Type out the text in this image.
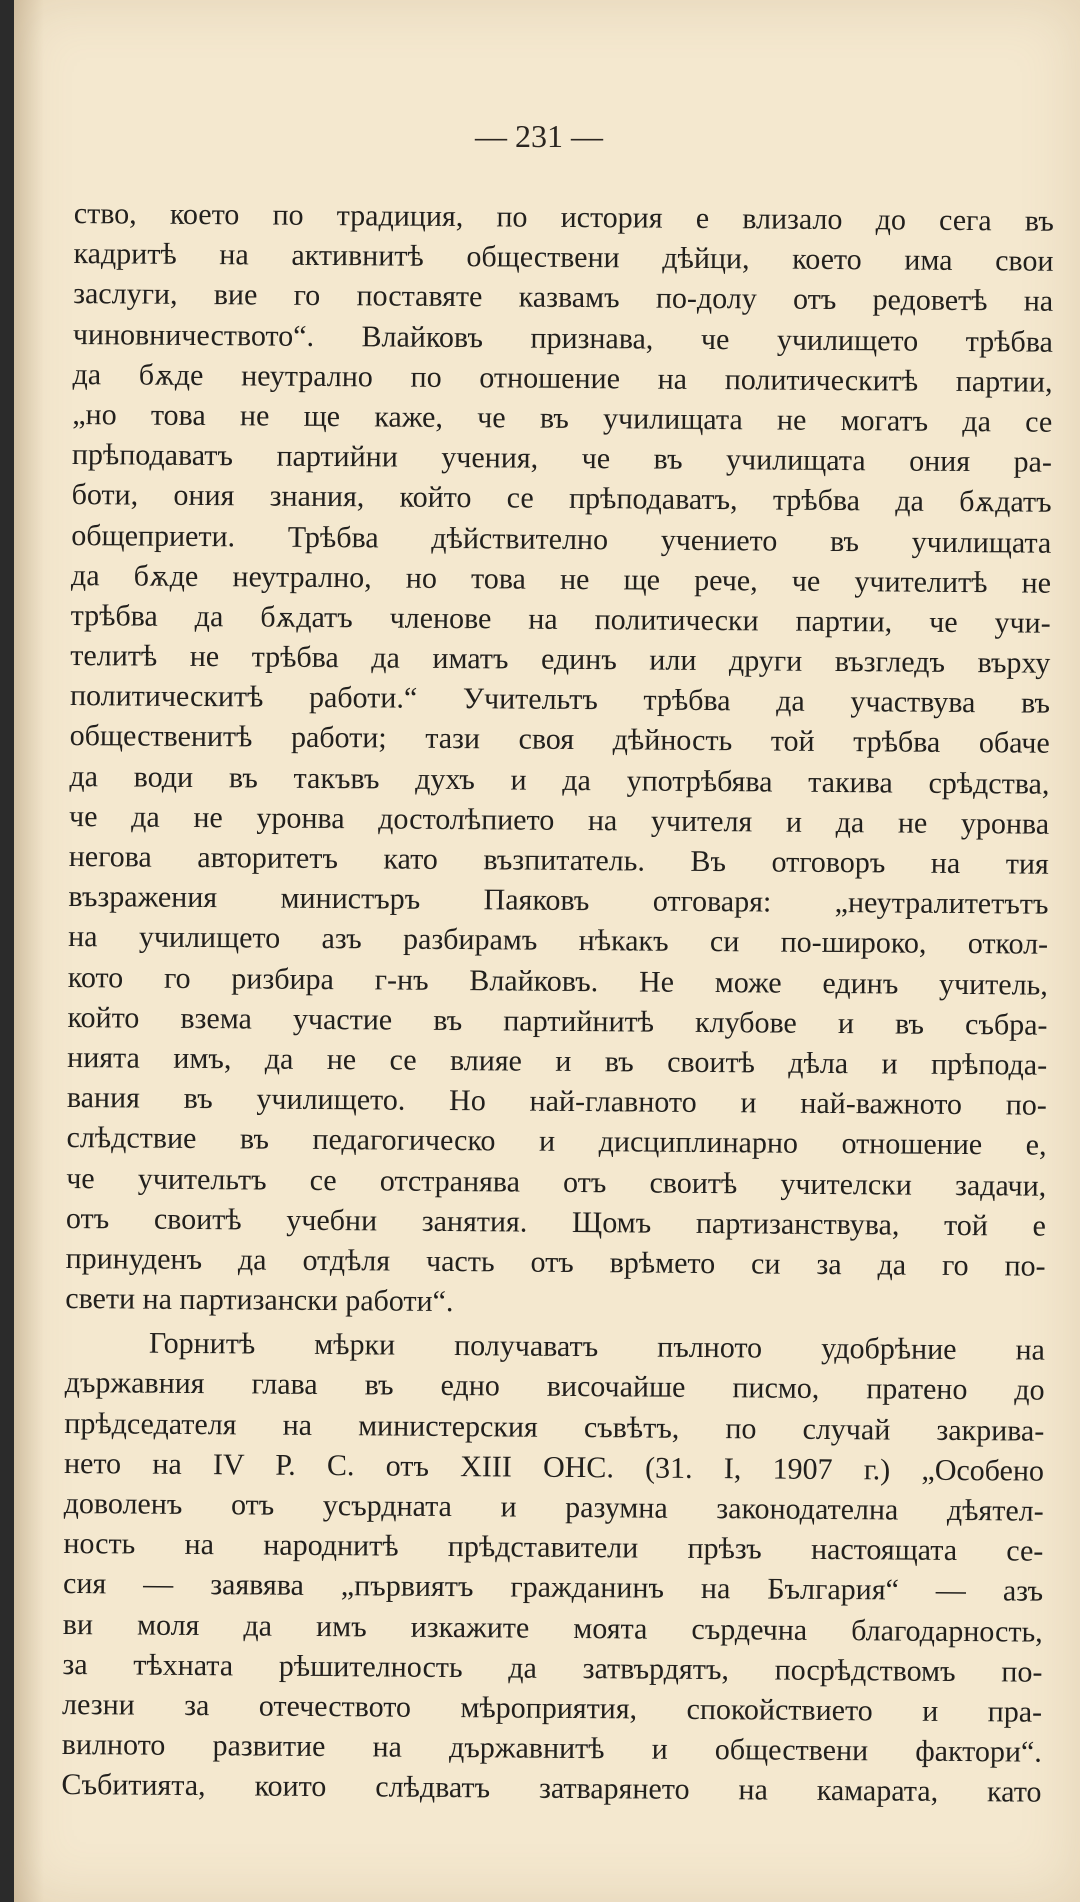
— 231 —
ство, което по традиция, по история е влизало до сега въ
кадритѣ на активнитѣ обществени дѣйци, което има свои
заслуги, вие го поставяте казвамъ по-долу отъ редоветѣ на
чиновничеството“. Влайковъ признава, че училището трѣбва
да бѫде неутрално по отношение на политическитѣ партии,
„но това не ще каже, че въ училищата не могатъ да се
прѣподаватъ партийни учения, че въ училищата ония ра-
боти, ония знания, който се прѣподаватъ, трѣбва да бѫдатъ
общеприети. Трѣбва дѣйствително учението въ училищата
да бѫде неутрално, но това не ще рече, че учителитѣ не
трѣбва да бѫдатъ членове на политически партии, че учи-
телитѣ не трѣбва да иматъ единъ или други възгледъ върху
политическитѣ работи.“ Учительтъ трѣбва да участвува въ
общественитѣ работи; тази своя дѣйность той трѣбва обаче
да води въ такъвъ духъ и да употрѣбява такива срѣдства,
че да не уронва достолѣпието на учителя и да не уронва
негова авторитетъ като възпитатель. Въ отговоръ на тия
възражения министъръ Паяковъ отговаря: „неутралитетътъ
на училището азъ разбирамъ нѣкакъ си по-широко, откол-
кото го ризбира г-нъ Влайковъ. Не може единъ учитель,
който взема участие въ партийнитѣ клубове и въ събра-
нията имъ, да не се влияе и въ своитѣ дѣла и прѣпода-
вания въ училището. Но най-главното и най-важното по-
слѣдствие въ педагогическо и дисциплинарно отношение е,
че учительтъ се отстранява отъ своитѣ учителски задачи,
отъ своитѣ учебни занятия. Щомъ партизанствува, той е
принуденъ да отдѣля часть отъ врѣмето си за да го по-
свети на партизански работи“.
Горнитѣ мѣрки получаватъ пълното удобрѣние на
държавния глава въ едно височайше писмо, пратено до
прѣдседателя на министерския съвѣтъ, по случай закрива-
нето на IV Р. С. отъ XIII ОНС. (31. I, 1907 г.) „Особено
доволенъ отъ усърдната и разумна законодателна дѣятел-
ность на народнитѣ прѣдставители прѣзъ настоящата се-
сия — заявява „първиятъ гражданинъ на България“ — азъ
ви моля да имъ изкажите моята сърдечна благодарность,
за тѣхната рѣшителность да затвърдятъ, посрѣдствомъ по-
лезни за отечеството мѣроприятия, спокойствието и пра-
вилното развитие на държавнитѣ и обществени фактори“.
Събитията, които слѣдватъ затварянето на камарата, като
